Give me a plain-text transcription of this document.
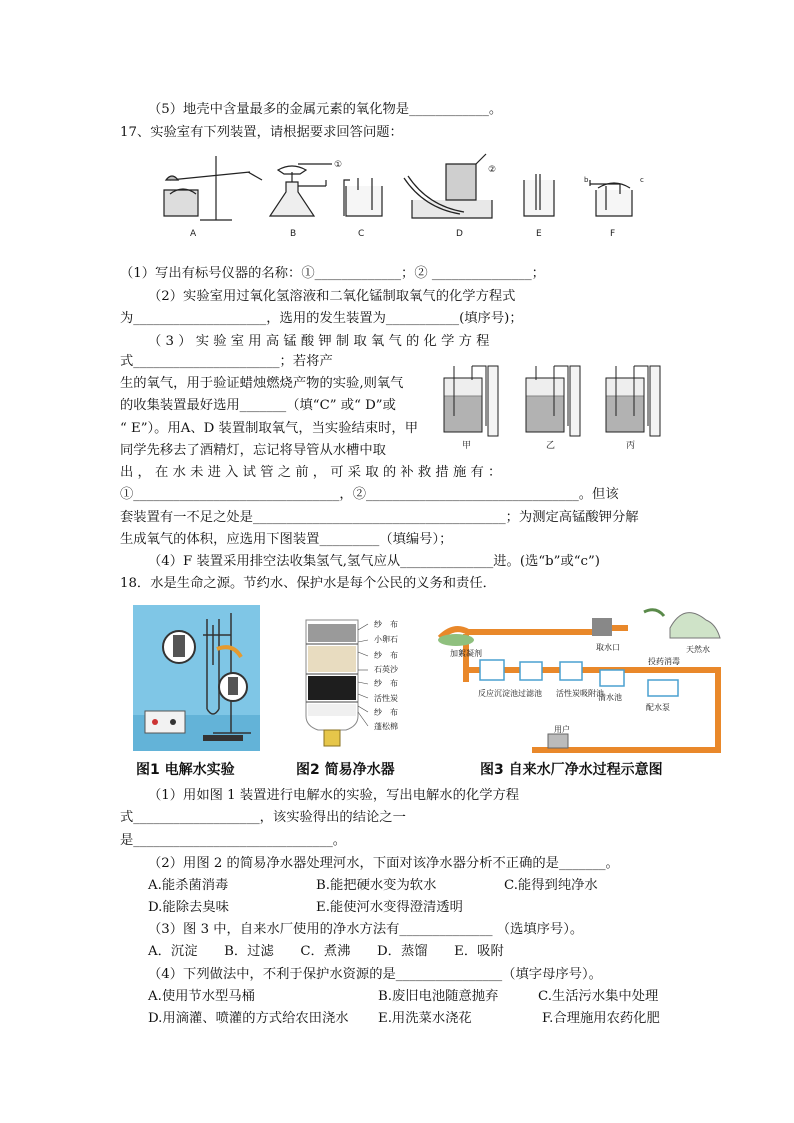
（5）地壳中含量最多的金属元素的氧化物是____________。
17、实验室有下列装置，请根据要求回答问题：
A	B	C	D	E	F
①	②
b	c
（1）写出有标号仪器的名称：①_____________；② _______________；
（2）实验室用过氧化氢溶液和二氧化锰制取氧气的化学方程式
为____________________，选用的发生装置为___________(填序号)；
（ 3 ） 实 验 室 用 高 锰 酸 钾 制 取 氧 气 的 化 学 方 程
式______________________；若将产
生的氧气，用于验证蜡烛燃烧产物的实验,则氧气
的收集装置最好选用_______（填“C” 或“ D”或
“ E”）。用A、D 装置制取氧气，当实验结束时，甲
同学先移去了酒精灯，忘记将导管从水槽中取	甲	乙	丙
出 ， 在 水 未 进 入 试 管 之 前 ， 可 采 取 的 补 救 措 施 有 ：
①_______________________________，②________________________________。但该
套装置有一不足之处是______________________________________；为测定高锰酸钾分解
生成氧气的体积，应选用下图装置_________（填编号）；
（4）F 装置采用排空法收集氢气,氢气应从______________进。(选“b”或“c”)
18．水是生命之源。节约水、保护水是每个公民的义务和责任．
纱　布
小卵石
纱　布
石英沙
纱　布
活性炭
纱　布
蓬松棉
加絮凝剂
取水口	天然水
投药消毒
反应沉淀池 过滤池 活性炭吸附池
清水池
配水泵
用户
图1 电解水实验	图2 简易净水器	图3 自来水厂净水过程示意图
（1）用如图 1 装置进行电解水的实验，写出电解水的化学方程
式___________________，该实验得出的结论之一
是______________________________。
（2）用图 2 的简易净水器处理河水，下面对该净水器分析不正确的是_______。
A.能杀菌消毒	B.能把硬水变为软水	C.能得到纯净水
D.能除去臭味	E.能使河水变得澄清透明
（3）图 3 中，自来水厂使用的净水方法有______________ （选填序号）。
A．沉淀　　B．过滤　　C．煮沸　　D．蒸馏　　E．吸附
（4）下列做法中，不利于保护水资源的是________________（填字母序号）。
A.使用节水型马桶	B.废旧电池随意抛弃	C.生活污水集中处理
D.用滴灌、喷灌的方式给农田浇水 E.用洗菜水浇花	F.合理施用农药化肥
